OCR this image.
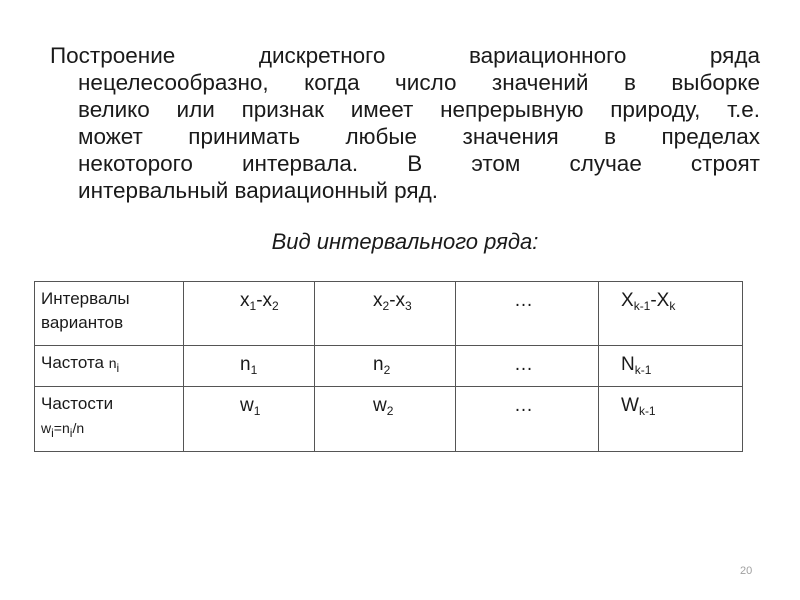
Построение дискретного вариационного ряда
нецелесообразно, когда число значений в выборке
велико или признак имеет непрерывную природу, т.е.
может принимать любые значения в пределах
некоторого интервала. В этом случае строят
интервальный вариационный ряд.
Вид интервального ряда:
Интервалы
вариантов	$x_1-x_2$	$x_2-x_3$	…	$X_{k-1}-X_k$

Частота $n_i$	$n_1$	$n_2$	…	$N_{k-1}$

Частости
$w_i=n_i/n$	$w_1$	$w_2$	…	$W_{k-1}$
20
